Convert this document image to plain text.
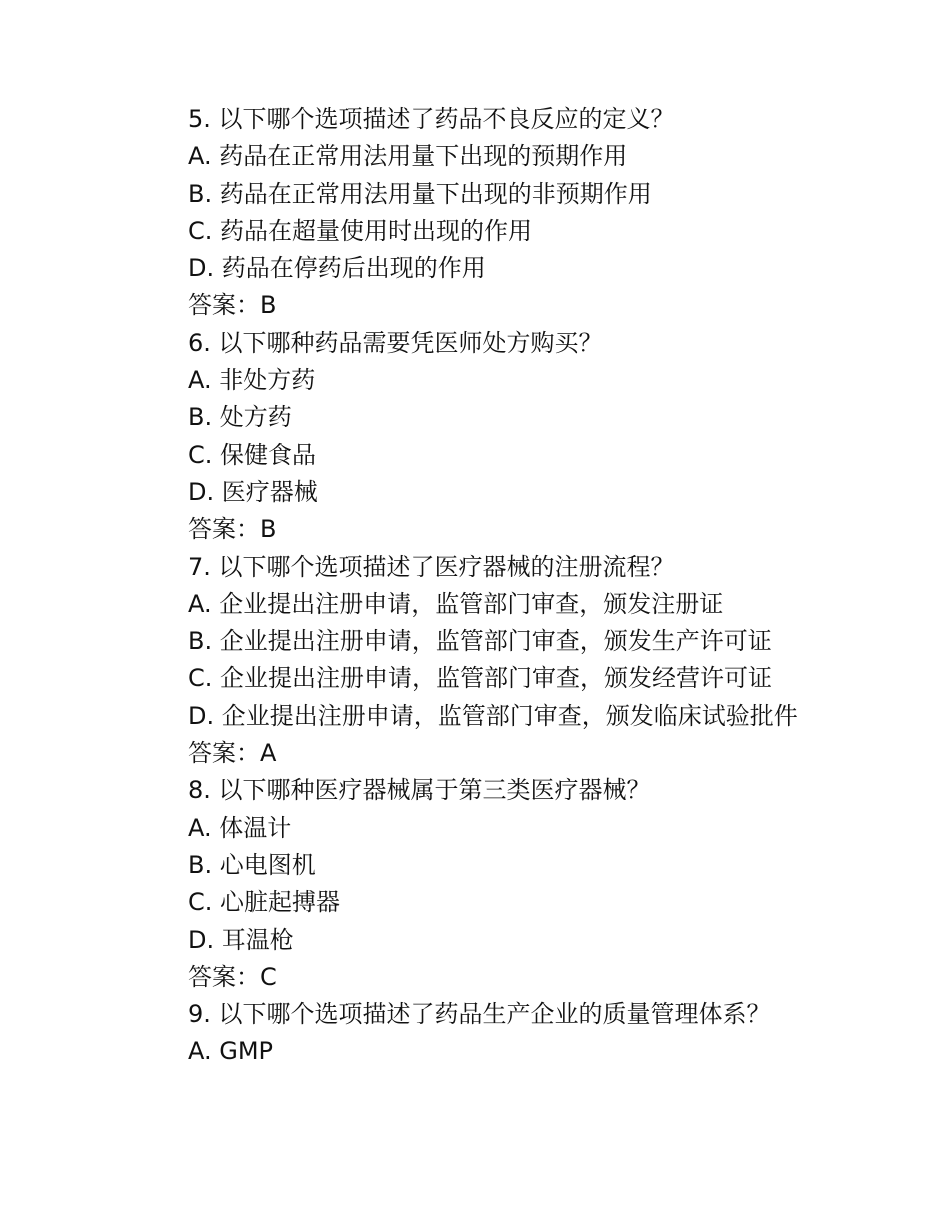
5. 以下哪个选项描述了药品不良反应的定义？
A. 药品在正常用法用量下出现的预期作用
B. 药品在正常用法用量下出现的非预期作用
C. 药品在超量使用时出现的作用
D. 药品在停药后出现的作用
答案：B
6. 以下哪种药品需要凭医师处方购买？
A. 非处方药
B. 处方药
C. 保健食品
D. 医疗器械
答案：B
7. 以下哪个选项描述了医疗器械的注册流程？
A. 企业提出注册申请，监管部门审查，颁发注册证
B. 企业提出注册申请，监管部门审查，颁发生产许可证
C. 企业提出注册申请，监管部门审查，颁发经营许可证
D. 企业提出注册申请，监管部门审查，颁发临床试验批件
答案：A
8. 以下哪种医疗器械属于第三类医疗器械？
A. 体温计
B. 心电图机
C. 心脏起搏器
D. 耳温枪
答案：C
9. 以下哪个选项描述了药品生产企业的质量管理体系？
A. GMP
